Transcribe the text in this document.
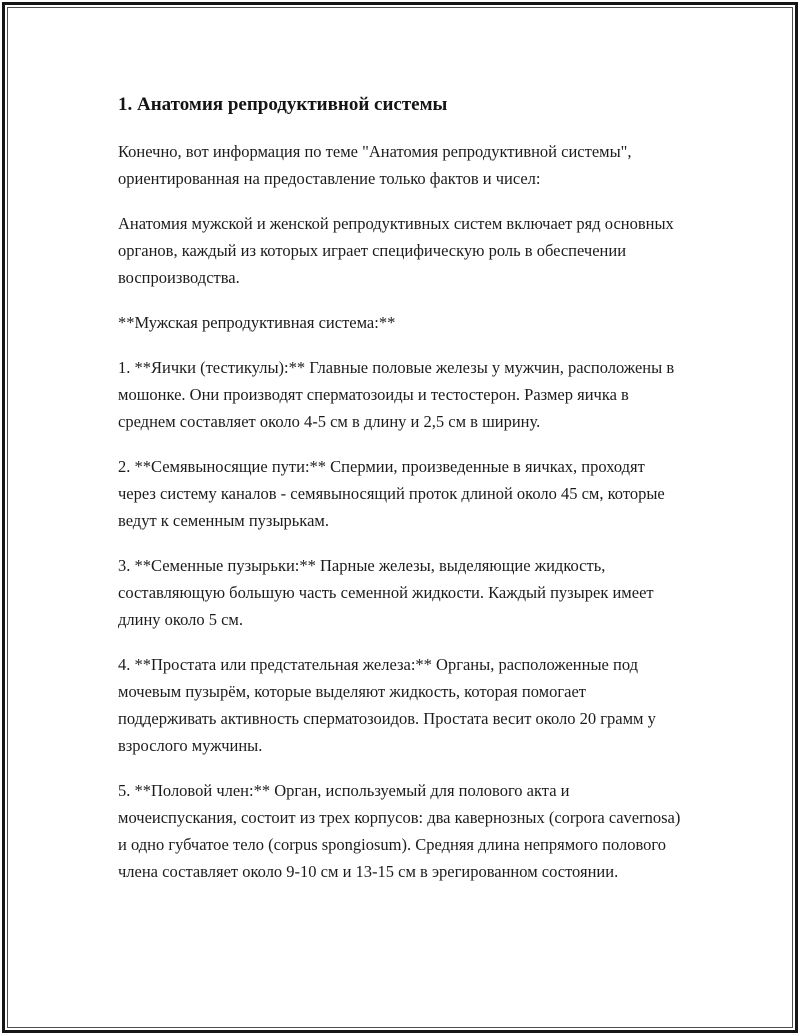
1. Анатомия репродуктивной системы

Конечно, вот информация по теме "Анатомия репродуктивной системы", ориентированная на предоставление только фактов и чисел:

Анатомия мужской и женской репродуктивных систем включает ряд основных органов, каждый из которых играет специфическую роль в обеспечении воспроизводства.

**Мужская репродуктивная система:**

1. **Яички (тестикулы):** Главные половые железы у мужчин, расположены в мошонке. Они производят сперматозоиды и тестостерон. Размер яичка в среднем составляет около 4-5 см в длину и 2,5 см в ширину.

2. **Семявыносящие пути:** Спермии, произведенные в яичках, проходят через систему каналов - семявыносящий проток длиной около 45 см, которые ведут к семенным пузырькам.

3. **Семенные пузырьки:** Парные железы, выделяющие жидкость, составляющую большую часть семенной жидкости. Каждый пузырек имеет длину около 5 см.

4. **Простата или предстательная железа:** Органы, расположенные под мочевым пузырём, которые выделяют жидкость, которая помогает поддерживать активность сперматозоидов. Простата весит около 20 грамм у взрослого мужчины.

5. **Половой член:** Орган, используемый для полового акта и мочеиспускания, состоит из трех корпусов: два кавернозных (corpora cavernosa) и одно губчатое тело (corpus spongiosum). Средняя длина непрямого полового члена составляет около 9-10 см и 13-15 см в эрегированном состоянии.
